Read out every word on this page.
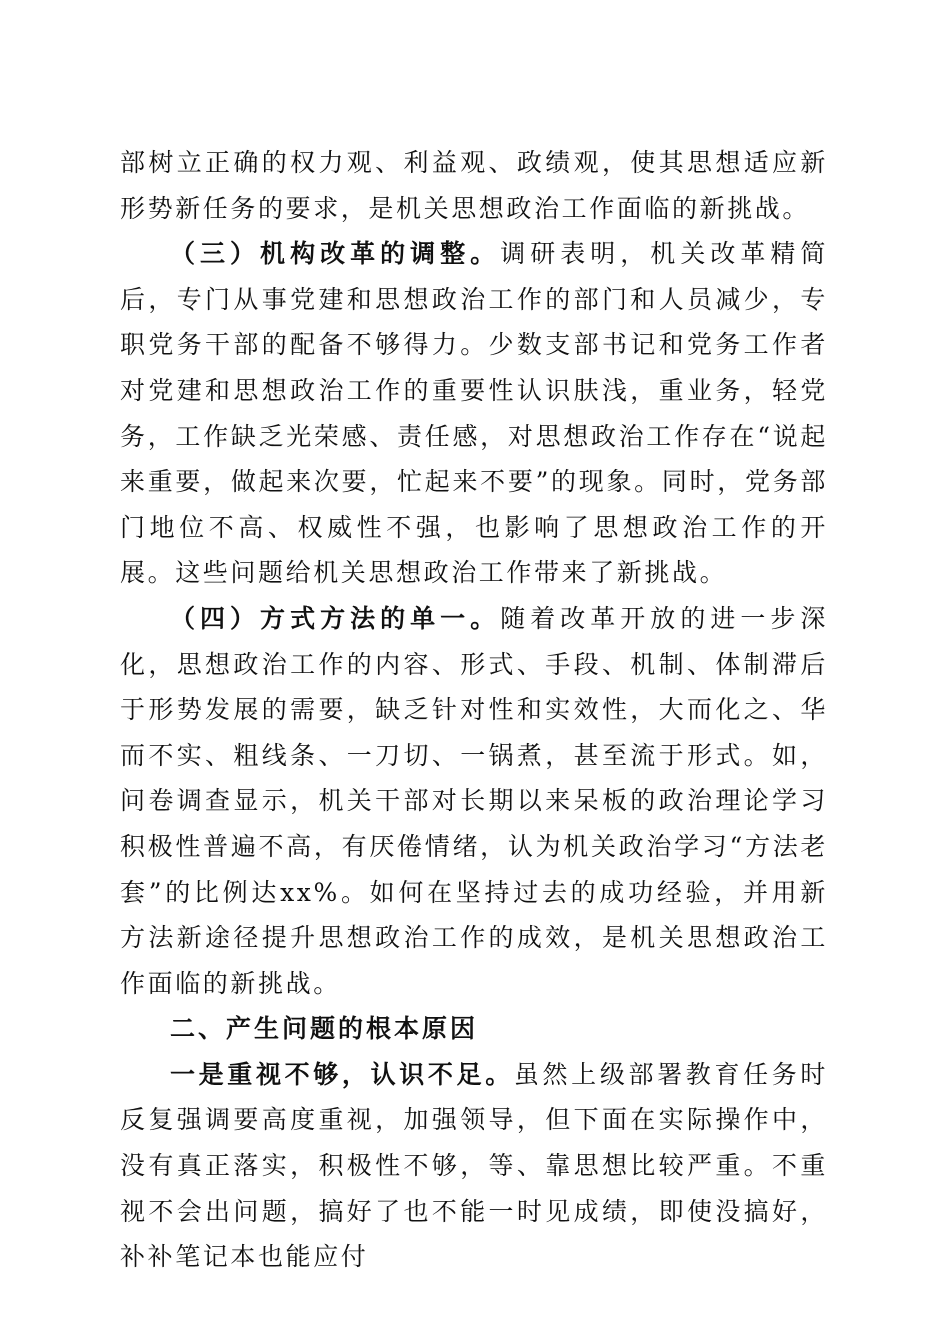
部树立正确的权力观、利益观、政绩观，使其思想适应新形势新任务的要求，是机关思想政治工作面临的新挑战。

（三）机构改革的调整。调研表明，机关改革精简后，专门从事党建和思想政治工作的部门和人员减少，专职党务干部的配备不够得力。少数支部书记和党务工作者对党建和思想政治工作的重要性认识肤浅，重业务，轻党务，工作缺乏光荣感、责任感，对思想政治工作存在“说起来重要，做起来次要，忙起来不要”的现象。同时，党务部门地位不高、权威性不强，也影响了思想政治工作的开展。这些问题给机关思想政治工作带来了新挑战。

（四）方式方法的单一。随着改革开放的进一步深化，思想政治工作的内容、形式、手段、机制、体制滞后于形势发展的需要，缺乏针对性和实效性，大而化之、华而不实、粗线条、一刀切、一锅煮，甚至流于形式。如，问卷调查显示，机关干部对长期以来呆板的政治理论学习积极性普遍不高，有厌倦情绪，认为机关政治学习“方法老套”的比例达xx%。如何在坚持过去的成功经验，并用新方法新途径提升思想政治工作的成效，是机关思想政治工作面临的新挑战。

二、产生问题的根本原因

一是重视不够，认识不足。虽然上级部署教育任务时反复强调要高度重视，加强领导，但下面在实际操作中，没有真正落实，积极性不够，等、靠思想比较严重。不重视不会出问题，搞好了也不能一时见成绩，即使没搞好，补补笔记本也能应付
